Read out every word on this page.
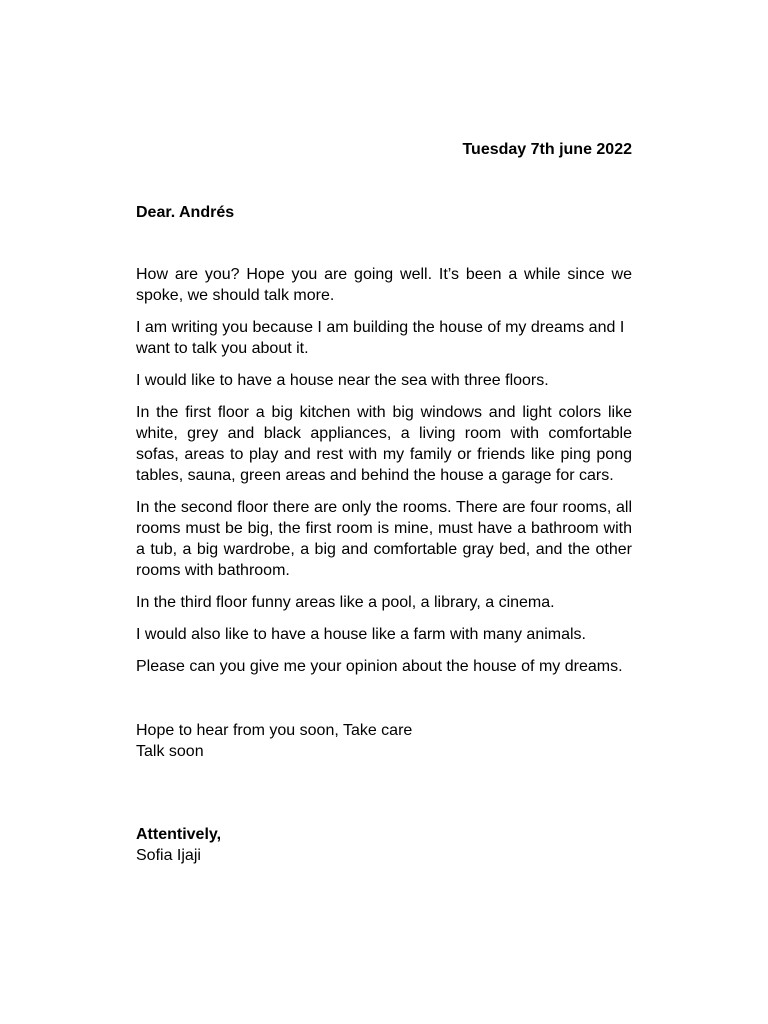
Tuesday 7th june 2022
Dear. Andrés

How are you? Hope you are going well. It’s been a while since we spoke, we should talk more.

I am writing you because I am building the house of my dreams and I want to talk you about it.

I would like to have a house near the sea with three floors.

In the first floor a big kitchen with big windows and light colors like white, grey and black appliances, a living room with comfortable sofas, areas to play and rest with my family or friends like ping pong tables, sauna, green areas and behind the house a garage for cars.

In the second floor there are only the rooms. There are four rooms, all rooms must be big, the first room is mine, must have a bathroom with a tub, a big wardrobe, a big and comfortable gray bed, and the other rooms with bathroom.

In the third floor funny areas like a pool, a library, a cinema.

I would also like to have a house like a farm with many animals.

Please can you give me your opinion about the house of my dreams.

Hope to hear from you soon, Take care
Talk soon
Attentively,
Sofia Ijaji
